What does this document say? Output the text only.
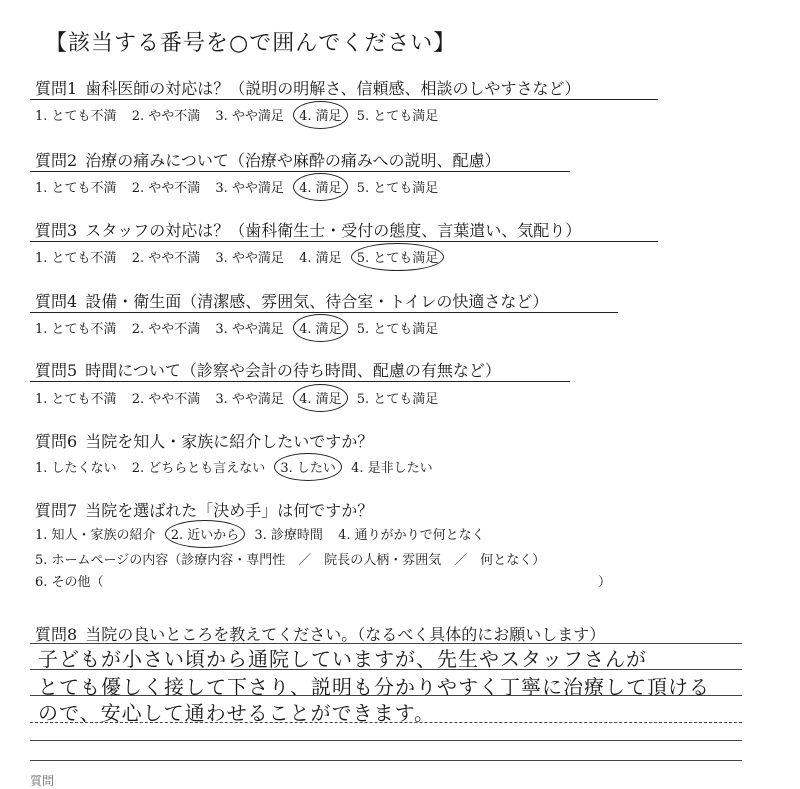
【該当する番号を○で囲んでください】
質問1 歯科医師の対応は？（説明の明解さ、信頼感、相談のしやすさなど）
1. とても不満 2. やや不満 3. やや満足 4. 満足 5. とても満足
質問2 治療の痛みについて（治療や麻酔の痛みへの説明、配慮）
1. とても不満 2. やや不満 3. やや満足 4. 満足 5. とても満足
質問3 スタッフの対応は？（歯科衛生士・受付の態度、言葉遣い、気配り）
1. とても不満 2. やや不満 3. やや満足 4. 満足 5. とても満足
質問4 設備・衛生面（清潔感、雰囲気、待合室・トイレの快適さなど）
1. とても不満 2. やや不満 3. やや満足 4. 満足 5. とても満足
質問5 時間について（診察や会計の待ち時間、配慮の有無など）
1. とても不満 2. やや不満 3. やや満足 4. 満足 5. とても満足
質問6 当院を知人・家族に紹介したいですか？
1. したくない 2. どちらとも言えない 3. したい 4. 是非したい
質問7 当院を選ばれた「決め手」は何ですか？
1. 知人・家族の紹介 2. 近いから 3. 診療時間 4. 通りがかりで何となく
5. ホームページの内容（診療内容・専門性　／　院長の人柄・雰囲気　／　何となく）
6. その他（	）
質問8 当院の良いところを教えてください。（なるべく具体的にお願いします）
子どもが小さい頃から通院していますが、先生やスタッフさんが
とても優しく接して下さり、説明も分かりやすく丁寧に治療して頂ける
ので、安心して通わせることができます。
質問
